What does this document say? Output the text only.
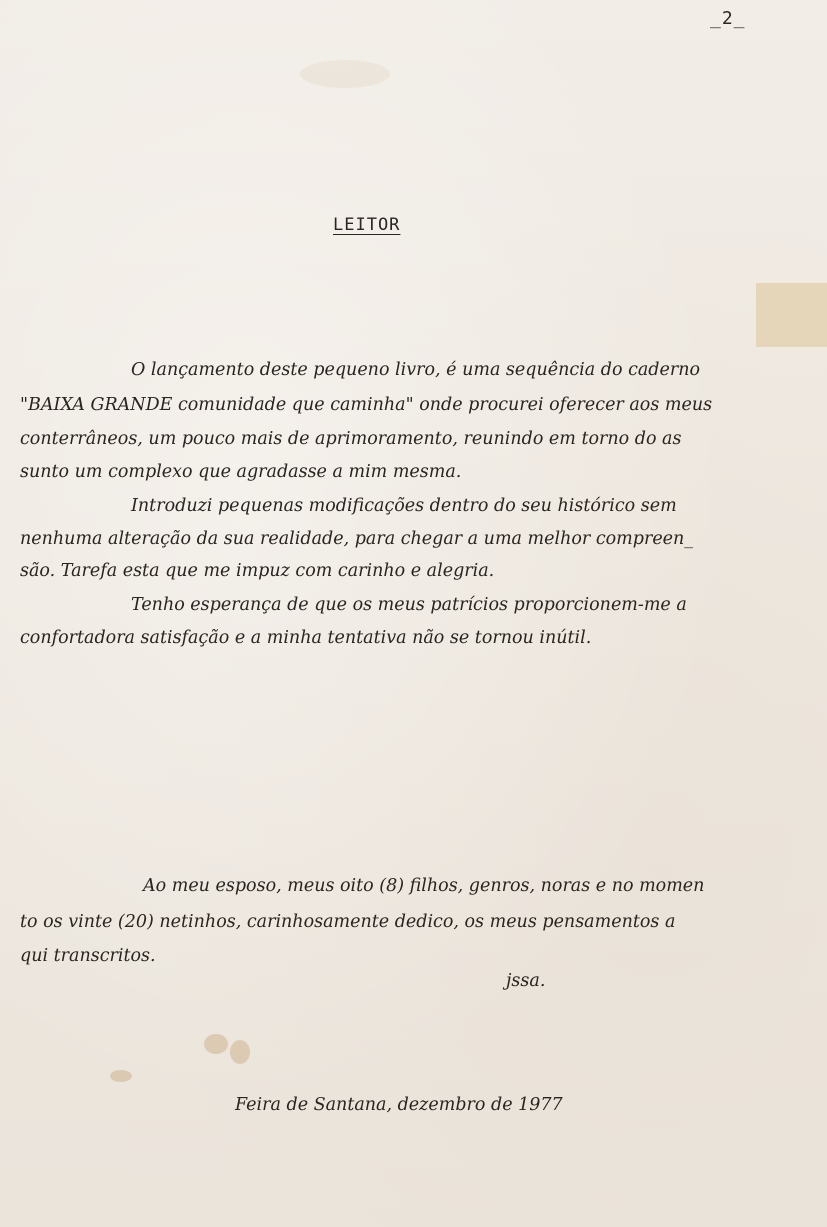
_2_
LEITOR
O lançamento deste pequeno livro, é uma sequência do caderno
"BAIXA GRANDE comunidade que caminha" onde procurei oferecer aos meus
conterrâneos, um pouco mais de aprimoramento, reunindo em torno do as
sunto um complexo que agradasse a mim mesma.
Introduzi pequenas modificações dentro do seu histórico sem
nenhuma alteração da sua realidade, para chegar a uma melhor compreen_
são. Tarefa esta que me impuz com carinho e alegria.
Tenho esperança de que os meus patrícios proporcionem-me a
confortadora satisfação e a minha tentativa não se tornou inútil.
Ao meu esposo, meus oito (8) filhos, genros, noras e no momen
to os vinte (20) netinhos, carinhosamente dedico, os meus pensamentos a
qui transcritos.
jssa.
Feira de Santana, dezembro de 1977
